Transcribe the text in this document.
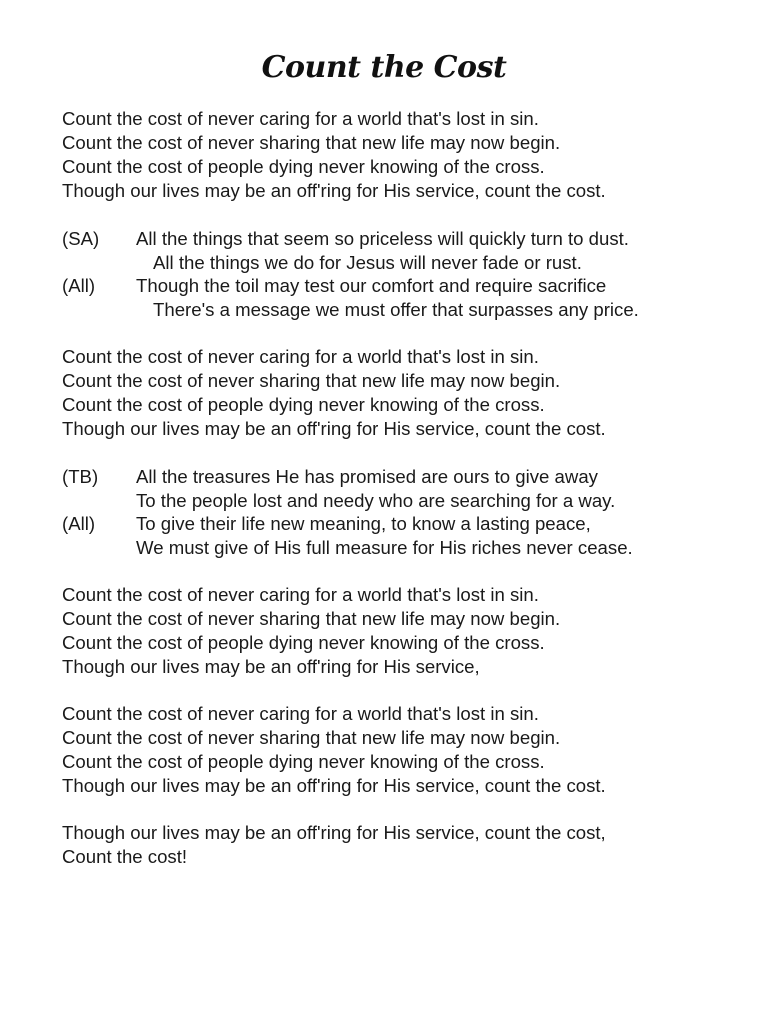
Count the Cost
Count the cost of never caring for a world that's lost in sin.
Count the cost of never sharing that new life may now begin.
Count the cost of people dying never knowing of the cross.
Though our lives may be an off'ring for His service, count the cost.
(SA) All the things that seem so priceless will quickly turn to dust.
All the things we do for Jesus will never fade or rust.
(All) Though the toil may test our comfort and require sacrifice
There's a message we must offer that surpasses any price.
Count the cost of never caring for a world that's lost in sin.
Count the cost of never sharing that new life may now begin.
Count the cost of people dying never knowing of the cross.
Though our lives may be an off'ring for His service, count the cost.
(TB) All the treasures He has promised are ours to give away
To the people lost and needy who are searching for a way.
(All) To give their life new meaning, to know a lasting peace,
We must give of His full measure for His riches never cease.
Count the cost of never caring for a world that's lost in sin.
Count the cost of never sharing that new life may now begin.
Count the cost of people dying never knowing of the cross.
Though our lives may be an off'ring for His service,
Count the cost of never caring for a world that's lost in sin.
Count the cost of never sharing that new life may now begin.
Count the cost of people dying never knowing of the cross.
Though our lives may be an off'ring for His service, count the cost.
Though our lives may be an off'ring for His service, count the cost,
Count the cost!
